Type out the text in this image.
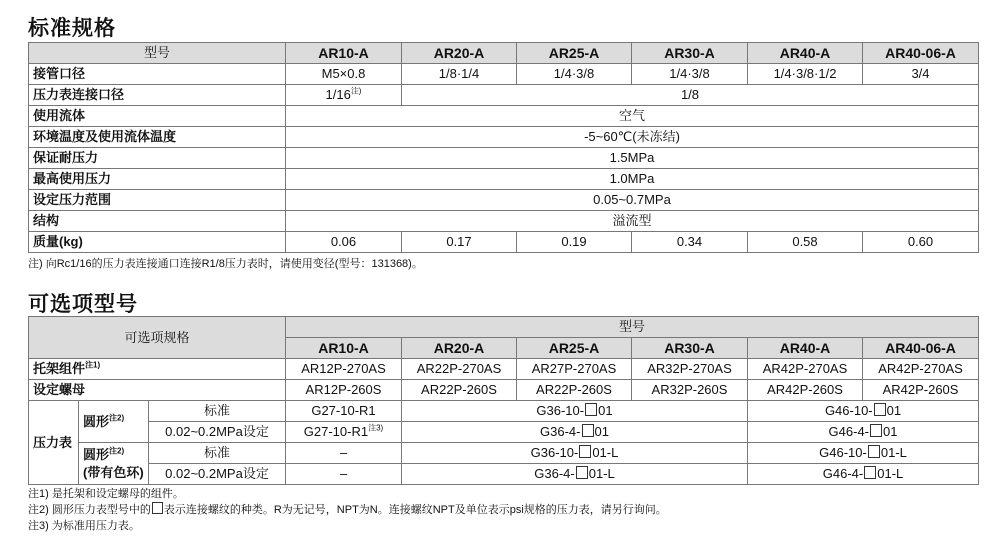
标准规格
型号	AR10-A	AR20-A	AR25-A	AR30-A	AR40-A	AR40-06-A
接管口径	M5×0.8	1/8·1/4	1/4·3/8	1/4·3/8	1/4·3/8·1/2	3/4
压力表连接口径	$1/16^{注)}$	1/8				
使用流体	空气					
环境温度及使用流体温度	-5~60℃(未冻结)					
保证耐压力	1.5MPa					
最高使用压力	1.0MPa					
设定压力范围	0.05~0.7MPa					
结构	溢流型					
质量(kg)	0.06	0.17	0.19	0.34	0.58	0.60
注) 向Rc1/16的压力表连接通口连接R1/8压力表时，请使用变径(型号：131368)。
可选项型号
可选项规格			型号					
			AR10-A	AR20-A	AR25-A	AR30-A	AR40-A	AR40-06-A
托架组件$^{注1)}$			AR12P-270AS	AR22P-270AS	AR27P-270AS	AR32P-270AS	AR42P-270AS	AR42P-270AS
设定螺母			AR12P-260S	AR22P-260S	AR22P-260S	AR32P-260S	AR42P-260S	AR42P-260S
压力表	圆形$^{注2)}$	标准	G27-10-R1	G36-10- 01			G46-10- 01	
		0.02~0.2MPa设定	G27-10-R1$^{注3)}$	G36-4- 01			G46-4- 01	
	圆形$^{注2)}$
(带有色环)	标准	–	G36-10- 01-L			G46-10- 01-L	
		0.02~0.2MPa设定	–	G36-4- 01-L			G46-4- 01-L	
注1) 是托架和设定螺母的组件。
注2) 圆形压力表型号中的 表示连接螺纹的种类。R为无记号，NPT为N。连接螺纹NPT及单位表示psi规格的压力表，请另行询问。
注3) 为标准用压力表。
